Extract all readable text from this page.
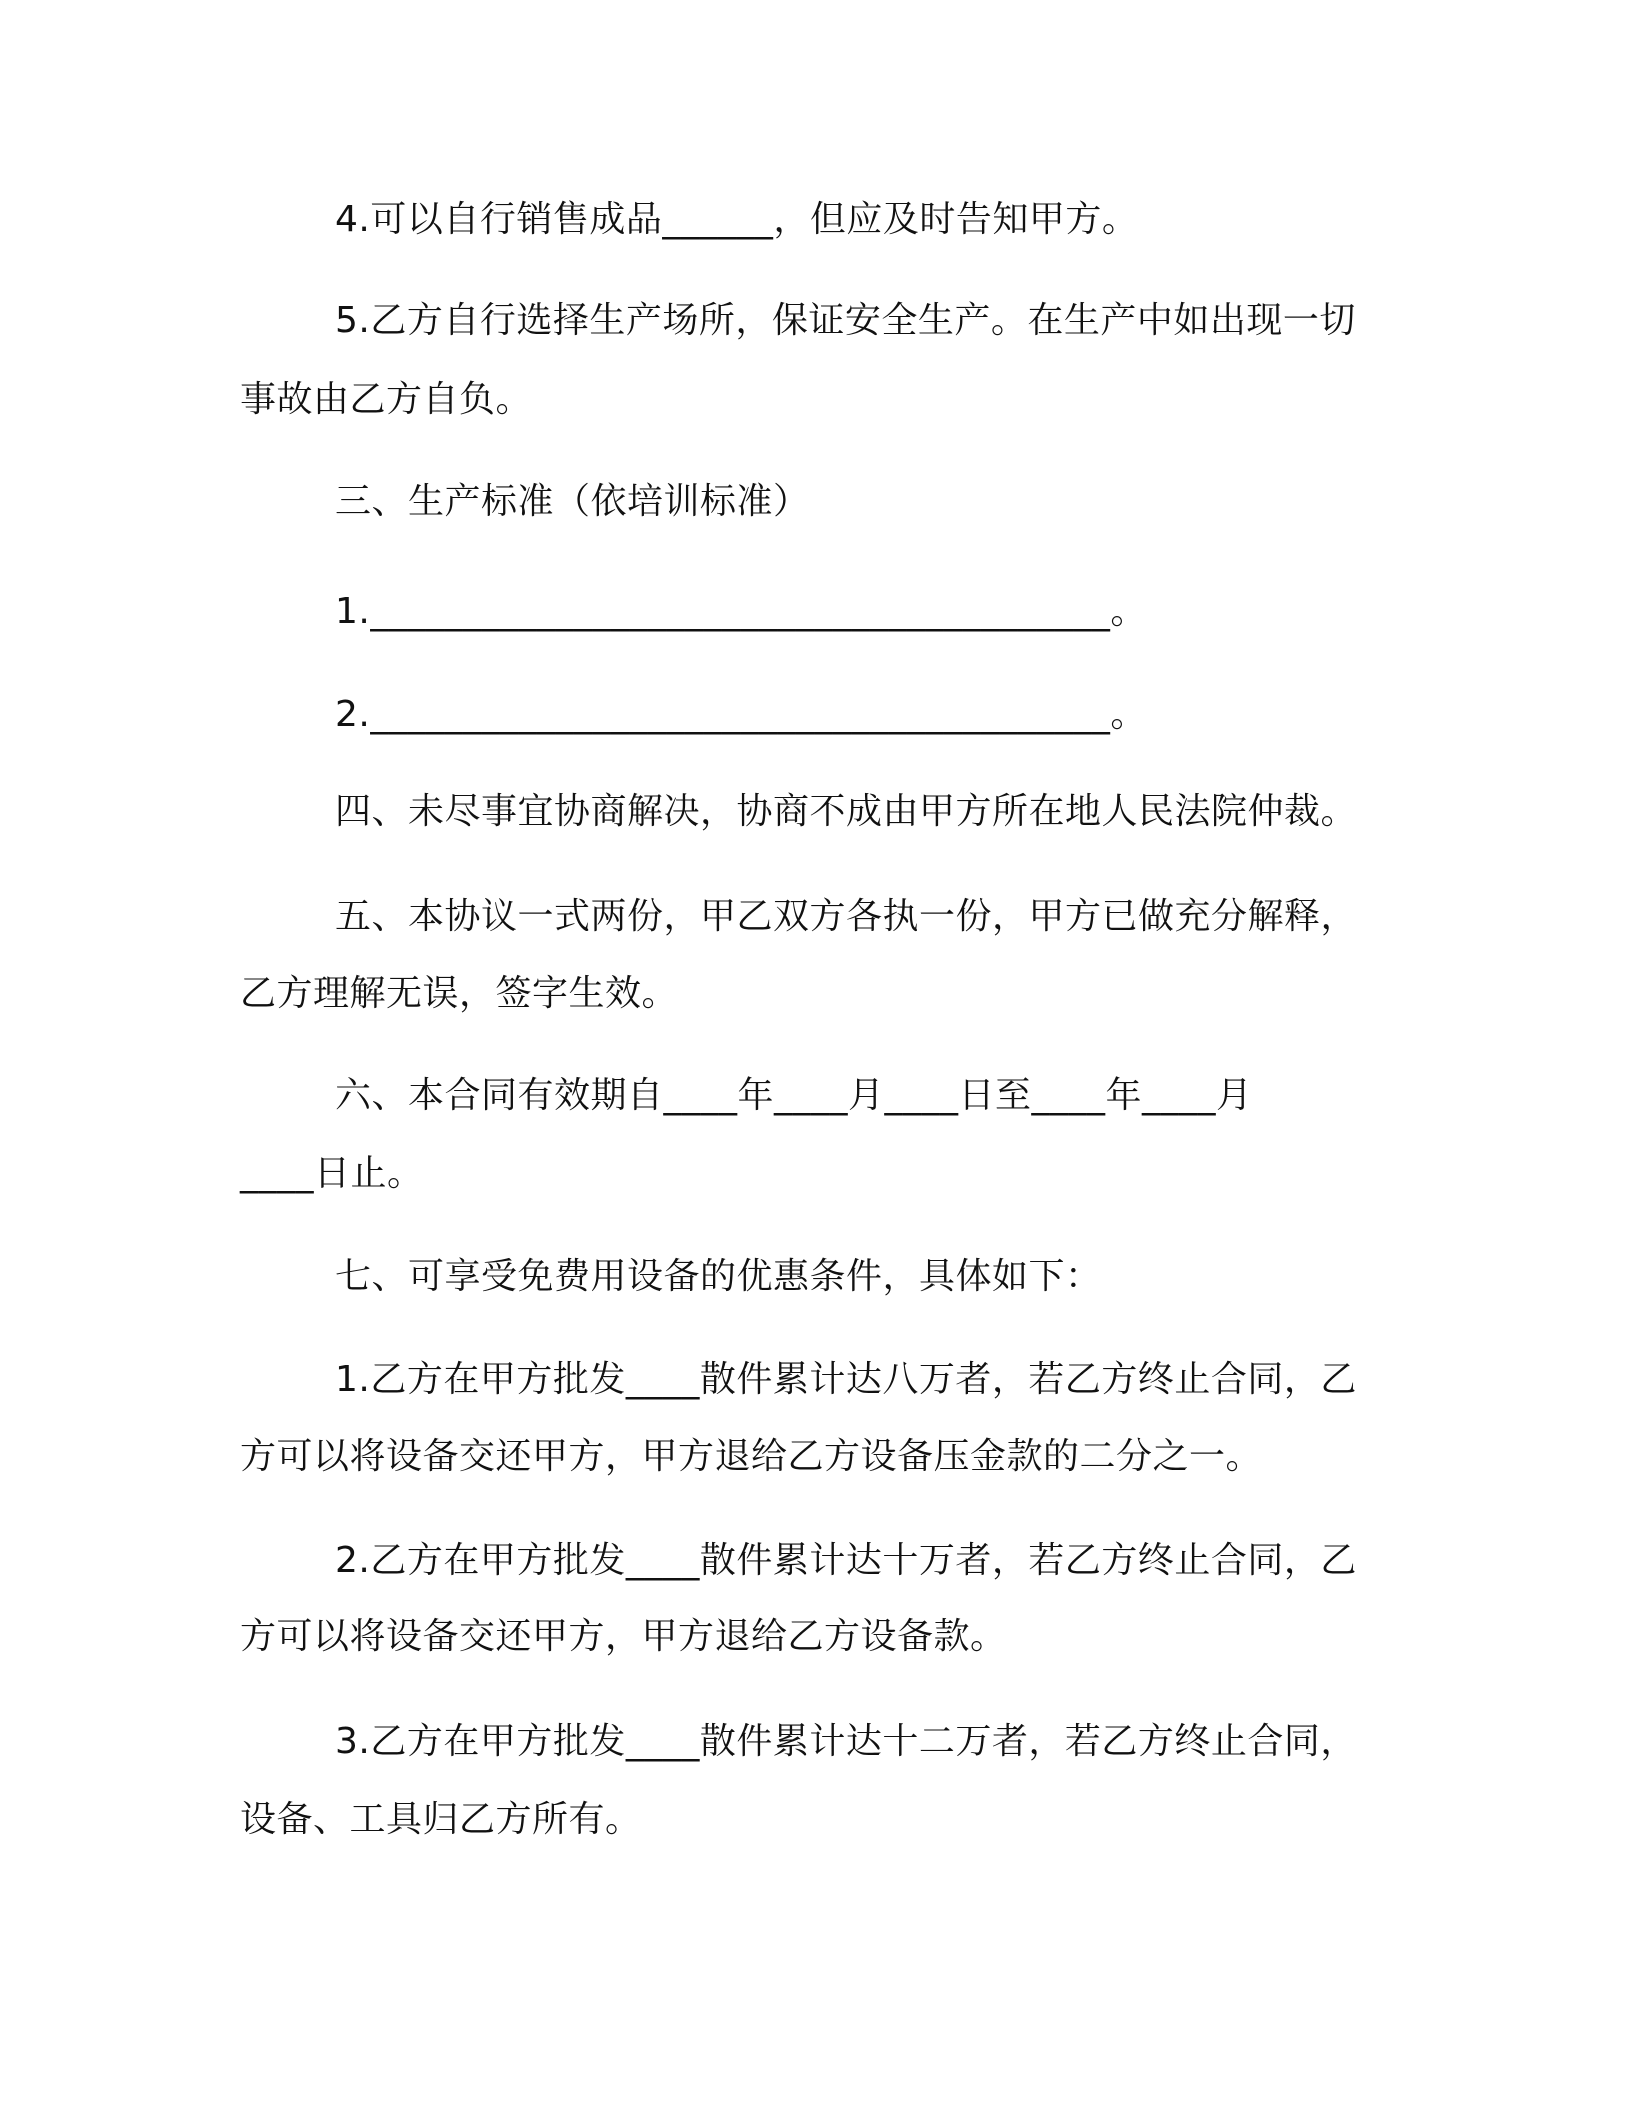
4.可以自行销售成品______，但应及时告知甲方。
5.乙方自行选择生产场所，保证安全生产。在生产中如出现一切
事故由乙方自负。
三、生产标准（依培训标准）
1.________________________________________。
2.________________________________________。
四、未尽事宜协商解决，协商不成由甲方所在地人民法院仲裁。
五、本协议一式两份，甲乙双方各执一份，甲方已做充分解释，
乙方理解无误，签字生效。
六、本合同有效期自____年____月____日至____年____月
____日止。
七、可享受免费用设备的优惠条件，具体如下：
1.乙方在甲方批发____散件累计达八万者，若乙方终止合同，乙
方可以将设备交还甲方，甲方退给乙方设备压金款的二分之一。
2.乙方在甲方批发____散件累计达十万者，若乙方终止合同，乙
方可以将设备交还甲方，甲方退给乙方设备款。
3.乙方在甲方批发____散件累计达十二万者，若乙方终止合同，
设备、工具归乙方所有。
